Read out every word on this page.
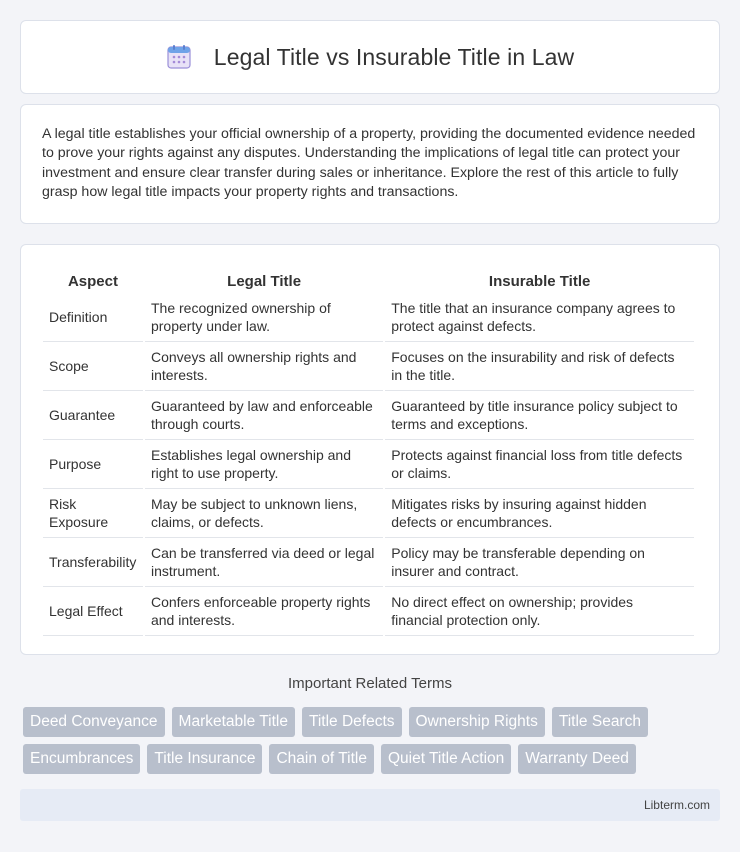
Legal Title vs Insurable Title in Law

A legal title establishes your official ownership of a property, providing the documented evidence needed to prove your rights against any disputes. Understanding the implications of legal title can protect your investment and ensure clear transfer during sales or inheritance. Explore the rest of this article to fully grasp how legal title impacts your property rights and transactions.

Aspect	Legal Title	Insurable Title
Definition	The recognized ownership of property under law.	The title that an insurance company agrees to protect against defects.
Scope	Conveys all ownership rights and interests.	Focuses on the insurability and risk of defects in the title.
Guarantee	Guaranteed by law and enforceable through courts.	Guaranteed by title insurance policy subject to terms and exceptions.
Purpose	Establishes legal ownership and right to use property.	Protects against financial loss from title defects or claims.
Risk Exposure	May be subject to unknown liens, claims, or defects.	Mitigates risks by insuring against hidden defects or encumbrances.
Transferability	Can be transferred via deed or legal instrument.	Policy may be transferable depending on insurer and contract.
Legal Effect	Confers enforceable property rights and interests.	No direct effect on ownership; provides financial protection only.
Important Related Terms
Deed Conveyance	Marketable Title	Title Defects	Ownership Rights	Title Search
Encumbrances	Title Insurance	Chain of Title	Quiet Title Action	Warranty Deed
Libterm.com
